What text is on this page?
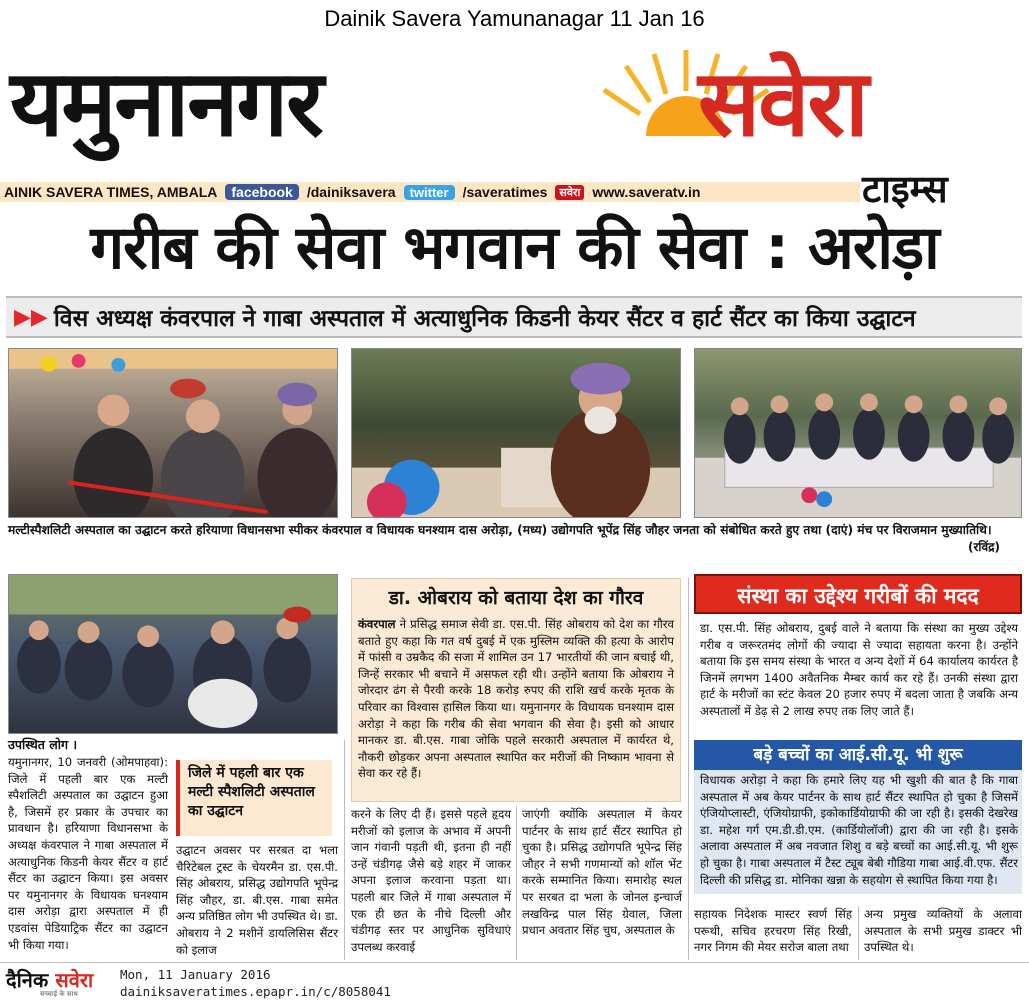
Dainik Savera Yamunanagar 11 Jan 16
यमुनानगर	सवेरा
टाइम्स
AINIK SAVERA TIMES, AMBALA	facebook	/dainiksavera	twitter	/saveratimes	सवेरा www.saveratv.in
गरीब की सेवा भगवान की सेवा : अरोड़ा
▶▶ विस अध्यक्ष कंवरपाल ने गाबा अस्पताल में अत्याधुनिक किडनी केयर सैंटर व हार्ट सैंटर का किया उद्घाटन
मल्टीस्पैशलिटी अस्पताल का उद्घाटन करते हरियाणा विधानसभा स्पीकर कंवरपाल व विधायक घनश्याम दास अरोड़ा, (मध्य) उद्योगपति भूपेंद्र सिंह जौहर जनता को संबोधित करते हुए तथा (दाएं) मंच पर विराजमान मुख्यातिथि।
(रविंद्र)
उपस्थित लोग ।
डा. ओबराय को बताया देश का गौरव
कंवरपाल ने प्रसिद्ध समाज सेवी डा. एस.पी. सिंह ओबराय को देश का गौरव बताते हुए कहा कि गत वर्ष दुबई में एक मुस्लिम व्यक्ति की हत्या के आरोप में फांसी व उम्रकैद की सजा में शामिल उन 17 भारतीयों की जान बचाई थी, जिन्हें सरकार भी बचाने में असफल रही थी। उन्होंने बताया कि ओबराय ने जोरदार ढंग से पैरवी करके 18 करोड़ रुपए की राशि खर्च करके मृतक के परिवार का विश्वास हासिल किया था। यमुनानगर के विधायक घनश्याम दास अरोड़ा ने कहा कि गरीब की सेवा भगवान की सेवा है। इसी को आधार मानकर डा. बी.एस. गाबा जोकि पहले सरकारी अस्पताल में कार्यरत थे, नौकरी छोड़कर अपना अस्पताल स्थापित कर मरीजों की निष्काम भावना से सेवा कर रहे हैं।
संस्था का उद्देश्य गरीबों की मदद
डा. एस.पी. सिंह ओबराय, दुबई वाले ने बताया कि संस्था का मुख्य उद्देश्य गरीब व जरूरतमंद लोगों की ज्यादा से ज्यादा सहायता करना है। उन्होंने बताया कि इस समय संस्था के भारत व अन्य देशों में 64 कार्यालय कार्यरत है जिनमें लगभग 1400 अवैतनिक मैम्बर कार्य कर रहे हैं। उनकी संस्था द्वारा हार्ट के मरीजों का स्टंट केवल 20 हजार रुपए में बदला जाता है जबकि अन्य अस्पतालों में डेढ़ से 2 लाख रुपए तक लिए जाते हैं।
बड़े बच्चों का आई.सी.यू. भी शुरू
विधायक अरोड़ा ने कहा कि हमारे लिए यह भी खुशी की बात है कि गाबा अस्पताल में अब केयर पार्टनर के साथ हार्ट सैंटर स्थापित हो चुका है जिसमें एंजियोप्लास्टी, एंजियोग्राफी, इकोकार्डियोग्राफी की जा रही है। इसकी देखरेख डा. महेश गर्ग एम.डी.डी.एम. (कार्डियोलॉजी) द्वारा की जा रही है। इसके अलावा अस्पताल में अब नवजात शिशु व बड़े बच्चों का आई.सी.यू. भी शुरू हो चुका है। गाबा अस्पताल में टैस्ट ट्यूब बेबी गौडिया गाबा आई.वी.एफ. सैंटर दिल्ली की प्रसिद्ध डा. मोनिका खन्ना के सहयोग से स्थापित किया गया है।
यमुनानगर, 10 जनवरी (ओमपाहवा): जिले में पहली बार एक मल्टी स्पैशलिटी अस्पताल का उद्घाटन हुआ है, जिसमें हर प्रकार के उपचार का प्रावधान है। हरियाणा विधानसभा के अध्यक्ष कंवरपाल ने गाबा अस्पताल में अत्याधुनिक किडनी केयर सैंटर व हार्ट सैंटर का उद्घाटन किया। इस अवसर पर यमुनानगर के विधायक घनश्याम दास अरोड़ा द्वारा अस्पताल में ही एडवांस पेडियाट्रिक सैंटर का उद्घाटन भी किया गया।
जिले में पहली बार एक मल्टी स्पैशलिटी अस्पताल का उद्घाटन
उद्घाटन अवसर पर सरबत दा भला चैरिटेबल ट्रस्ट के चेयरमैन डा. एस.पी. सिंह ओबराय, प्रसिद्ध उद्योगपति भूपेन्द्र सिंह जौहर, डा. बी.एस. गाबा समेत अन्य प्रतिष्ठित लोग भी उपस्थित थे। डा. ओबराय ने 2 मशीनें डायलिसिस सैंटर को इलाज
करने के लिए दी हैं। इससे पहले हृदय मरीजों को इलाज के अभाव में अपनी जान गंवानी पड़ती थी, इतना ही नहीं उन्हें चंडीगढ़ जैसे बड़े शहर में जाकर अपना इलाज करवाना पड़ता था। पहली बार जिले में गाबा अस्पताल में एक ही छत के नीचे दिल्ली और चंडीगढ़ स्तर पर आधुनिक सुविधाएं उपलब्ध करवाई
जाएंगी क्योंकि अस्पताल में केयर पार्टनर के साथ हार्ट सैंटर स्थापित हो चुका है। प्रसिद्ध उद्योगपति भूपेन्द्र सिंह जौहर ने सभी गणमान्यों को शॉल भेंट करके सम्मानित किया। समारोह स्थल पर सरबत दा भला के जोनल इन्चार्ज लखविन्द्र पाल सिंह ग्रेवाल, जिला प्रधान अवतार सिंह चुघ, अस्पताल के
सहायक निदेशक मास्टर स्वर्ण सिंह परूथी, सचिव हरचरण सिंह रिखी, नगर निगम की मेयर सरोज बाला तथा
अन्य प्रमुख व्यक्तियों के अलावा अस्पताल के सभी प्रमुख डाक्टर भी उपस्थित थे।
दैनिक सवेरा
सच्चाई के साथ
Mon, 11 January 2016
dainiksaveratimes.epapr.in/c/8058041
